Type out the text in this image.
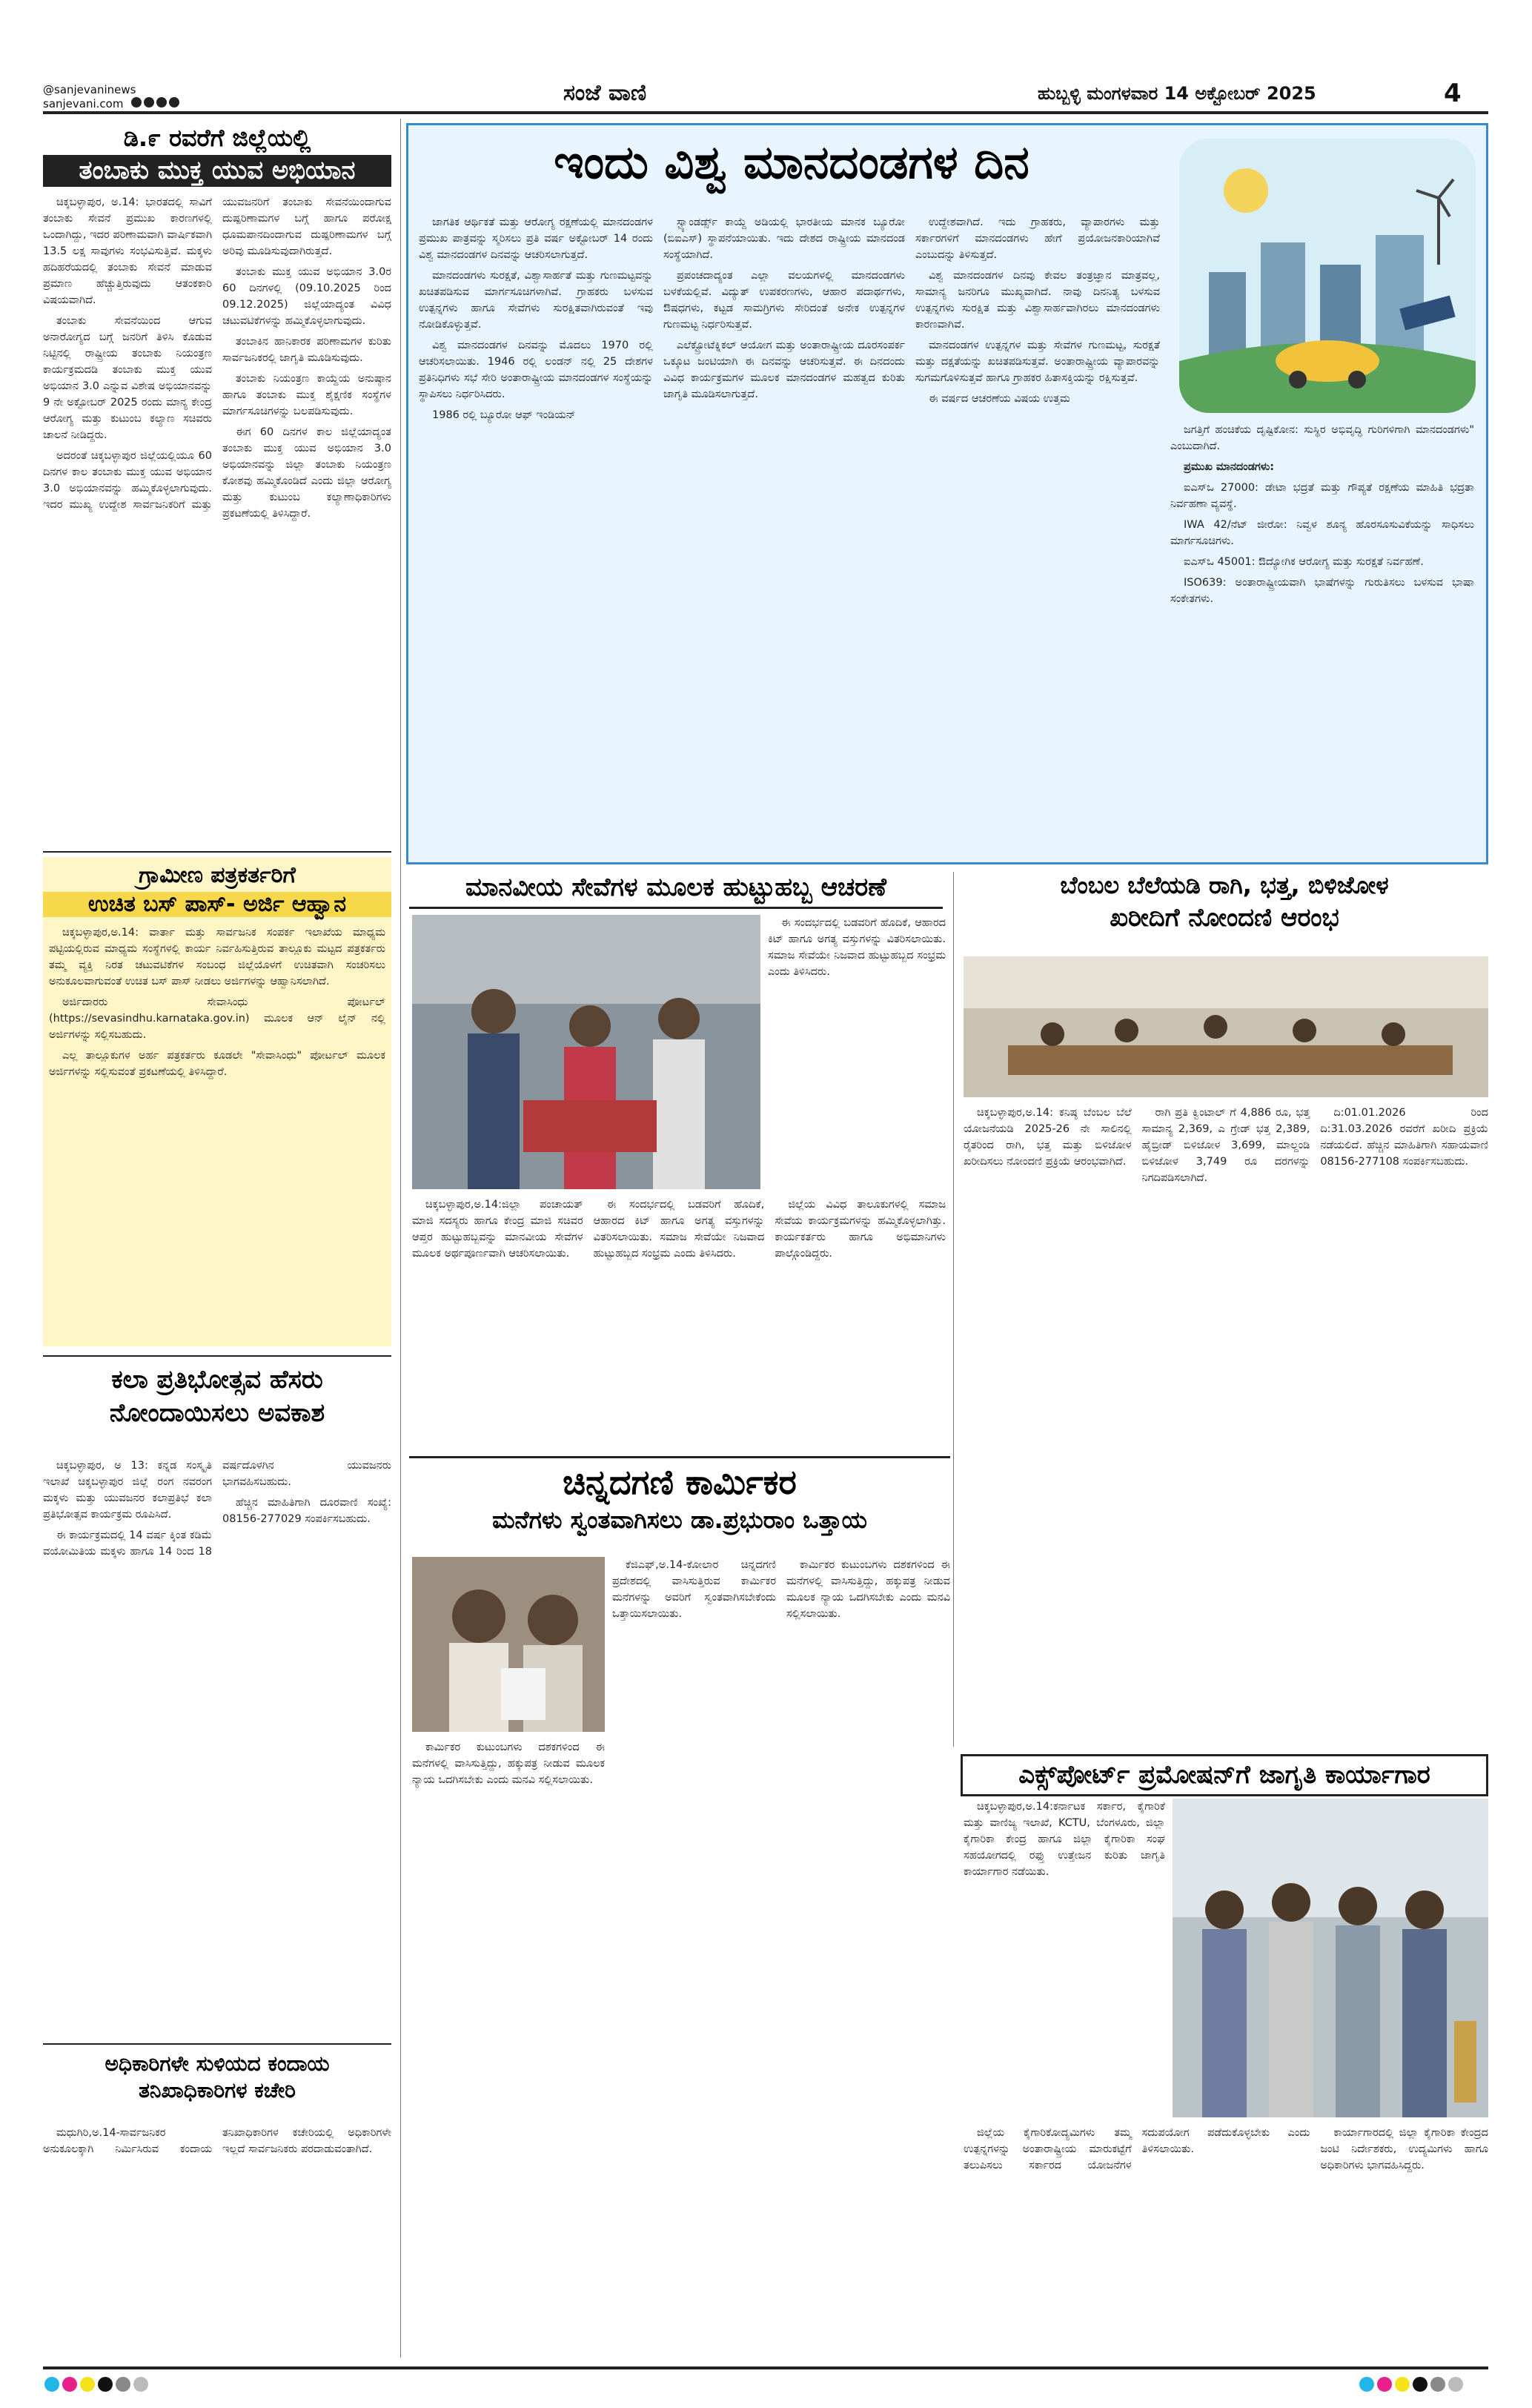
@sanjevaninews
sanjevani.com	ಸಂಜೆ ವಾಣಿ	ಹುಬ್ಬಳ್ಳಿ ಮಂಗಳವಾರ 14 ಅಕ್ಟೋಬರ್ 2025	4
ಡಿ.೯ ರವರೆಗೆ ಜಿಲ್ಲೆಯಲ್ಲಿ
ತಂಬಾಕು ಮುಕ್ತ ಯುವ ಅಭಿಯಾನ

ಚಿಕ್ಕಬಳ್ಳಾಪುರ, ಅ.14: ಭಾರತದಲ್ಲಿ ಸಾವಿಗೆ ತಂಬಾಕು ಸೇವನೆ ಪ್ರಮುಖ ಕಾರಣಗಳಲ್ಲಿ ಒಂದಾಗಿದ್ದು, ಇದರ ಪರಿಣಾಮವಾಗಿ ವಾರ್ಷಿಕವಾಗಿ 13.5 ಲಕ್ಷ ಸಾವುಗಳು ಸಂಭವಿಸುತ್ತಿವೆ. ಮಕ್ಕಳು ಹದಿಹರೆಯದಲ್ಲಿ ತಂಬಾಕು ಸೇವನೆ ಮಾಡುವ ಪ್ರಮಾಣ ಹೆಚ್ಚುತ್ತಿರುವುದು ಆತಂಕಕಾರಿ ವಿಷಯವಾಗಿದೆ.

ತಂಬಾಕು ಸೇವನೆಯಿಂದ ಆಗುವ ಅನಾರೋಗ್ಯದ ಬಗ್ಗೆ ಜನರಿಗೆ ತಿಳಿಸಿ ಕೊಡುವ ನಿಟ್ಟಿನಲ್ಲಿ ರಾಷ್ಟ್ರೀಯ ತಂಬಾಕು ನಿಯಂತ್ರಣ ಕಾರ್ಯಕ್ರಮದಡಿ ತಂಬಾಕು ಮುಕ್ತ ಯುವ ಅಭಿಯಾನ 3.0 ಎನ್ನುವ ವಿಶೇಷ ಅಭಿಯಾನವನ್ನು 9 ನೇ ಅಕ್ಟೋಬರ್ 2025 ರಂದು ಮಾನ್ಯ ಕೇಂದ್ರ ಆರೋಗ್ಯ ಮತ್ತು ಕುಟುಂಬ ಕಲ್ಯಾಣ ಸಚಿವರು ಚಾಲನೆ ನೀಡಿದ್ದರು.

ಅದರಂತೆ ಚಿಕ್ಕಬಳ್ಳಾಪುರ ಜಿಲ್ಲೆಯಲ್ಲಿಯೂ 60 ದಿನಗಳ ಕಾಲ ತಂಬಾಕು ಮುಕ್ತ ಯುವ ಅಭಿಯಾನ 3.0 ಅಭಿಯಾನವನ್ನು ಹಮ್ಮಿಕೊಳ್ಳಲಾಗುವುದು. ಇದರ ಮುಖ್ಯ ಉದ್ದೇಶ ಸಾರ್ವಜನಿಕರಿಗೆ ಮತ್ತು ಯುವಜನರಿಗೆ ತಂಬಾಕು ಸೇವನೆಯಿಂದಾಗುವ ದುಷ್ಪರಿಣಾಮಗಳ ಬಗ್ಗೆ ಹಾಗೂ ಪರೋಕ್ಷ ಧೂಮಪಾನದಿಂದಾಗುವ ದುಷ್ಪರಿಣಾಮಗಳ ಬಗ್ಗೆ ಅರಿವು ಮೂಡಿಸುವುದಾಗಿರುತ್ತದೆ.

ತಂಬಾಕು ಮುಕ್ತ ಯುವ ಅಭಿಯಾನ 3.0ರ 60 ದಿನಗಳಲ್ಲಿ (09.10.2025 ರಿಂದ 09.12.2025) ಜಿಲ್ಲೆಯಾದ್ಯಂತ ವಿವಿಧ ಚಟುವಟಿಕೆಗಳನ್ನು ಹಮ್ಮಿಕೊಳ್ಳಲಾಗುವುದು.

ತಂಬಾಕಿನ ಹಾನಿಕಾರಕ ಪರಿಣಾಮಗಳ ಕುರಿತು ಸಾರ್ವಜನಿಕರಲ್ಲಿ ಜಾಗೃತಿ ಮೂಡಿಸುವುದು.

ತಂಬಾಕು ನಿಯಂತ್ರಣ ಕಾಯ್ದೆಯ ಅನುಷ್ಠಾನ ಹಾಗೂ ತಂಬಾಕು ಮುಕ್ತ ಶೈಕ್ಷಣಿಕ ಸಂಸ್ಥೆಗಳ ಮಾರ್ಗಸೂಚಿಗಳನ್ನು ಬಲಪಡಿಸುವುದು.

ಈಗ 60 ದಿನಗಳ ಕಾಲ ಜಿಲ್ಲೆಯಾದ್ಯಂತ ತಂಬಾಕು ಮುಕ್ತ ಯುವ ಅಭಿಯಾನ 3.0 ಅಭಿಯಾನವನ್ನು ಜಿಲ್ಲಾ ತಂಬಾಕು ನಿಯಂತ್ರಣ ಕೋಶವು ಹಮ್ಮಿಕೊಂಡಿದೆ ಎಂದು ಜಿಲ್ಲಾ ಆರೋಗ್ಯ ಮತ್ತು ಕುಟುಂಬ ಕಲ್ಯಾಣಾಧಿಕಾರಿಗಳು ಪ್ರಕಟಣೆಯಲ್ಲಿ ತಿಳಿಸಿದ್ದಾರೆ.

ಗ್ರಾಮೀಣ ಪತ್ರಕರ್ತರಿಗೆ
ಉಚಿತ ಬಸ್ ಪಾಸ್- ಅರ್ಜಿ ಆಹ್ವಾನ

ಚಿಕ್ಕಬಳ್ಳಾಪುರ,ಅ.14: ವಾರ್ತಾ ಮತ್ತು ಸಾರ್ವಜನಿಕ ಸಂಪರ್ಕ ಇಲಾಖೆಯ ಮಾಧ್ಯಮ ಪಟ್ಟಿಯಲ್ಲಿರುವ ಮಾಧ್ಯಮ ಸಂಸ್ಥೆಗಳಲ್ಲಿ ಕಾರ್ಯ ನಿರ್ವಹಿಸುತ್ತಿರುವ ತಾಲ್ಲೂಕು ಮಟ್ಟದ ಪತ್ರಕರ್ತರು ತಮ್ಮ ವ್ಯಕ್ತಿ ನಿರತ ಚಟುವಟಿಕೆಗಳ ಸಂಬಂಧ ಜಿಲ್ಲೆಯೊಳಗೆ ಉಚಿತವಾಗಿ ಸಂಚರಿಸಲು ಅನುಕೂಲವಾಗುವಂತೆ ಉಚಿತ ಬಸ್ ಪಾಸ್ ನೀಡಲು ಅರ್ಜಿಗಳನ್ನು ಆಹ್ವಾನಿಸಲಾಗಿದೆ.

ಅರ್ಜಿದಾರರು ಸೇವಾಸಿಂಧು ಪೋರ್ಟಲ್ (https://sevasindhu.karnataka.gov.in) ಮೂಲಕ ಆನ್ ಲೈನ್ ನಲ್ಲಿ ಅರ್ಜಿಗಳನ್ನು ಸಲ್ಲಿಸಬಹುದು.

ಎಲ್ಲ ತಾಲ್ಲೂಕುಗಳ ಅರ್ಹ ಪತ್ರಕರ್ತರು ಕೂಡಲೇ "ಸೇವಾಸಿಂಧು" ಪೋರ್ಟಲ್ ಮೂಲಕ ಅರ್ಜಿಗಳನ್ನು ಸಲ್ಲಿಸುವಂತೆ ಪ್ರಕಟಣೆಯಲ್ಲಿ ತಿಳಿಸಿದ್ದಾರೆ.

ಕಲಾ ಪ್ರತಿಭೋತ್ಸವ ಹೆಸರು
ನೋಂದಾಯಿಸಲು ಅವಕಾಶ

ಚಿಕ್ಕಬಳ್ಳಾಪುರ, ಅ 13: ಕನ್ನಡ ಸಂಸ್ಕೃತಿ ಇಲಾಖೆ ಚಿಕ್ಕಬಳ್ಳಾಪುರ ಜಿಲ್ಲೆ ರಂಗ ನವರಂಗ ಮಕ್ಕಳು ಮತ್ತು ಯುವಜನರ ಕಲಾಪ್ರತಿಭೆ ಕಲಾ ಪ್ರತಿಭೋತ್ಸವ ಕಾರ್ಯಕ್ರಮ ರೂಪಿಸಿದೆ.

ಈ ಕಾರ್ಯಕ್ರಮದಲ್ಲಿ 14 ವರ್ಷ ಕ್ಕಿಂತ ಕಡಿಮೆ ವಯೋಮಿತಿಯ ಮಕ್ಕಳು ಹಾಗೂ 14 ರಿಂದ 18 ವರ್ಷದೊಳಗಿನ ಯುವಜನರು ಭಾಗವಹಿಸಬಹುದು.

ಹೆಚ್ಚಿನ ಮಾಹಿತಿಗಾಗಿ ದೂರವಾಣಿ ಸಂಖ್ಯೆ: 08156-277029 ಸಂಪರ್ಕಿಸಬಹುದು.

ಅಧಿಕಾರಿಗಳೇ ಸುಳಿಯದ ಕಂದಾಯ
ತನಿಖಾಧಿಕಾರಿಗಳ ಕಚೇರಿ

ಮಧುಗಿರಿ,ಅ.14-ಸಾರ್ವಜನಿಕರ ಅನುಕೂಲಕ್ಕಾಗಿ ನಿರ್ಮಿಸಿರುವ ಕಂದಾಯ ತನಿಖಾಧಿಕಾರಿಗಳ ಕಚೇರಿಯಲ್ಲಿ ಅಧಿಕಾರಿಗಳೇ ಇಲ್ಲದೆ ಸಾರ್ವಜನಿಕರು ಪರದಾಡುವಂತಾಗಿದೆ.

ಇಂದು ವಿಶ್ವ ಮಾನದಂಡಗಳ ದಿನ

ಜಾಗತಿಕ ಆರ್ಥಿಕತೆ ಮತ್ತು ಆರೋಗ್ಯ ರಕ್ಷಣೆಯಲ್ಲಿ ಮಾನದಂಡಗಳ ಪ್ರಮುಖ ಪಾತ್ರವನ್ನು ಸ್ಮರಿಸಲು ಪ್ರತಿ ವರ್ಷ ಅಕ್ಟೋಬರ್ 14 ರಂದು ವಿಶ್ವ ಮಾನದಂಡಗಳ ದಿನವನ್ನು ಆಚರಿಸಲಾಗುತ್ತದೆ.

ಮಾನದಂಡಗಳು ಸುರಕ್ಷತೆ, ವಿಶ್ವಾಸಾರ್ಹತೆ ಮತ್ತು ಗುಣಮಟ್ಟವನ್ನು ಖಚಿತಪಡಿಸುವ ಮಾರ್ಗಸೂಚಿಗಳಾಗಿವೆ. ಗ್ರಾಹಕರು ಬಳಸುವ ಉತ್ಪನ್ನಗಳು ಹಾಗೂ ಸೇವೆಗಳು ಸುರಕ್ಷಿತವಾಗಿರುವಂತೆ ಇವು ನೋಡಿಕೊಳ್ಳುತ್ತವೆ.

ವಿಶ್ವ ಮಾನದಂಡಗಳ ದಿನವನ್ನು ಮೊದಲು 1970 ರಲ್ಲಿ ಆಚರಿಸಲಾಯಿತು. 1946 ರಲ್ಲಿ ಲಂಡನ್ ನಲ್ಲಿ 25 ದೇಶಗಳ ಪ್ರತಿನಿಧಿಗಳು ಸಭೆ ಸೇರಿ ಅಂತಾರಾಷ್ಟ್ರೀಯ ಮಾನದಂಡಗಳ ಸಂಸ್ಥೆಯನ್ನು ಸ್ಥಾಪಿಸಲು ನಿರ್ಧರಿಸಿದರು.

1986 ರಲ್ಲಿ ಬ್ಯೂರೋ ಆಫ್ ಇಂಡಿಯನ್

ಸ್ಟ್ಯಾಂಡರ್ಡ್ಸ್ ಕಾಯ್ದೆ ಅಡಿಯಲ್ಲಿ ಭಾರತೀಯ ಮಾನಕ ಬ್ಯೂರೋ (ಬಿಐಎಸ್) ಸ್ಥಾಪನೆಯಾಯಿತು. ಇದು ದೇಶದ ರಾಷ್ಟ್ರೀಯ ಮಾನದಂಡ ಸಂಸ್ಥೆಯಾಗಿದೆ.

ಪ್ರಪಂಚದಾದ್ಯಂತ ಎಲ್ಲಾ ವಲಯಗಳಲ್ಲಿ ಮಾನದಂಡಗಳು ಬಳಕೆಯಲ್ಲಿವೆ. ವಿದ್ಯುತ್ ಉಪಕರಣಗಳು, ಆಹಾರ ಪದಾರ್ಥಗಳು, ಔಷಧಗಳು, ಕಟ್ಟಡ ಸಾಮಗ್ರಿಗಳು ಸೇರಿದಂತೆ ಅನೇಕ ಉತ್ಪನ್ನಗಳ ಗುಣಮಟ್ಟ ನಿರ್ಧರಿಸುತ್ತವೆ.

ಎಲೆಕ್ಟ್ರೋಟೆಕ್ನಿಕಲ್ ಆಯೋಗ ಮತ್ತು ಅಂತಾರಾಷ್ಟ್ರೀಯ ದೂರಸಂಪರ್ಕ ಒಕ್ಕೂಟ ಜಂಟಿಯಾಗಿ ಈ ದಿನವನ್ನು ಆಚರಿಸುತ್ತವೆ. ಈ ದಿನದಂದು ವಿವಿಧ ಕಾರ್ಯಕ್ರಮಗಳ ಮೂಲಕ ಮಾನದಂಡಗಳ ಮಹತ್ವದ ಕುರಿತು ಜಾಗೃತಿ ಮೂಡಿಸಲಾಗುತ್ತದೆ.

ಉದ್ದೇಶವಾಗಿದೆ. ಇದು ಗ್ರಾಹಕರು, ವ್ಯಾಪಾರಗಳು ಮತ್ತು ಸರ್ಕಾರಗಳಿಗೆ ಮಾನದಂಡಗಳು ಹೇಗೆ ಪ್ರಯೋಜನಕಾರಿಯಾಗಿವೆ ಎಂಬುದನ್ನು ತಿಳಿಸುತ್ತದೆ.

ವಿಶ್ವ ಮಾನದಂಡಗಳ ದಿನವು ಕೇವಲ ತಂತ್ರಜ್ಞಾನ ಮಾತ್ರವಲ್ಲ, ಸಾಮಾನ್ಯ ಜನರಿಗೂ ಮುಖ್ಯವಾಗಿದೆ. ನಾವು ದಿನನಿತ್ಯ ಬಳಸುವ ಉತ್ಪನ್ನಗಳು ಸುರಕ್ಷಿತ ಮತ್ತು ವಿಶ್ವಾಸಾರ್ಹವಾಗಿರಲು ಮಾನದಂಡಗಳು ಕಾರಣವಾಗಿವೆ.

ಮಾನದಂಡಗಳ ಉತ್ಪನ್ನಗಳ ಮತ್ತು ಸೇವೆಗಳ ಗುಣಮಟ್ಟ, ಸುರಕ್ಷತೆ ಮತ್ತು ದಕ್ಷತೆಯನ್ನು ಖಚಿತಪಡಿಸುತ್ತವೆ. ಅಂತಾರಾಷ್ಟ್ರೀಯ ವ್ಯಾಪಾರವನ್ನು ಸುಗಮಗೊಳಿಸುತ್ತವೆ ಹಾಗೂ ಗ್ರಾಹಕರ ಹಿತಾಸಕ್ತಿಯನ್ನು ರಕ್ಷಿಸುತ್ತವೆ.

ಈ ವರ್ಷದ ಆಚರಣೆಯ ವಿಷಯ ಉತ್ತಮ

ಜಗತ್ತಿಗೆ ಹಂಚಿಕೆಯ ದೃಷ್ಟಿಕೋನ: ಸುಸ್ಥಿರ ಅಭಿವೃದ್ಧಿ ಗುರಿಗಳಿಗಾಗಿ ಮಾನದಂಡಗಳು" ಎಂಬುದಾಗಿದೆ.

ಪ್ರಮುಖ ಮಾನದಂಡಗಳು:

ಐಎಸ್ಒ 27000: ಡೇಟಾ ಭದ್ರತೆ ಮತ್ತು ಗೌಪ್ಯತೆ ರಕ್ಷಣೆಯ ಮಾಹಿತಿ ಭದ್ರತಾ ನಿರ್ವಹಣಾ ವ್ಯವಸ್ಥೆ.

IWA 42/ನೆಟ್ ಜೀರೋ: ನಿವ್ವಳ ಶೂನ್ಯ ಹೊರಸೂಸುವಿಕೆಯನ್ನು ಸಾಧಿಸಲು ಮಾರ್ಗಸೂಚಿಗಳು.

ಐಎಸ್ಒ 45001: ಔದ್ಯೋಗಿಕ ಆರೋಗ್ಯ ಮತ್ತು ಸುರಕ್ಷತೆ ನಿರ್ವಹಣೆ.

ISO639: ಅಂತಾರಾಷ್ಟ್ರೀಯವಾಗಿ ಭಾಷೆಗಳನ್ನು ಗುರುತಿಸಲು ಬಳಸುವ ಭಾಷಾ ಸಂಕೇತಗಳು.

ಮಾನವೀಯ ಸೇವೆಗಳ ಮೂಲಕ ಹುಟ್ಟುಹಬ್ಬ ಆಚರಣೆ

ಚಿಕ್ಕಬಳ್ಳಾಪುರ,ಅ.14:ಜಿಲ್ಲಾ ಪಂಚಾಯತ್ ಮಾಜಿ ಸದಸ್ಯರು ಹಾಗೂ ಕೇಂದ್ರ ಮಾಜಿ ಸಚಿವರ ಆಪ್ತರ ಹುಟ್ಟುಹಬ್ಬವನ್ನು ಮಾನವೀಯ ಸೇವೆಗಳ ಮೂಲಕ ಅರ್ಥಪೂರ್ಣವಾಗಿ ಆಚರಿಸಲಾಯಿತು.

ಈ ಸಂದರ್ಭದಲ್ಲಿ ಬಡವರಿಗೆ ಹೊದಿಕೆ, ಆಹಾರದ ಕಿಟ್ ಹಾಗೂ ಅಗತ್ಯ ವಸ್ತುಗಳನ್ನು ವಿತರಿಸಲಾಯಿತು. ಸಮಾಜ ಸೇವೆಯೇ ನಿಜವಾದ ಹುಟ್ಟುಹಬ್ಬದ ಸಂಭ್ರಮ ಎಂದು ತಿಳಿಸಿದರು.

ಜಿಲ್ಲೆಯ ವಿವಿಧ ತಾಲೂಕುಗಳಲ್ಲಿ ಸಮಾಜ ಸೇವೆಯ ಕಾರ್ಯಕ್ರಮಗಳನ್ನು ಹಮ್ಮಿಕೊಳ್ಳಲಾಗಿತ್ತು. ಕಾರ್ಯಕರ್ತರು ಹಾಗೂ ಅಭಿಮಾನಿಗಳು ಪಾಲ್ಗೊಂಡಿದ್ದರು.

ಈ ಸಂದರ್ಭದಲ್ಲಿ ಬಡವರಿಗೆ ಹೊದಿಕೆ, ಆಹಾರದ ಕಿಟ್ ಹಾಗೂ ಅಗತ್ಯ ವಸ್ತುಗಳನ್ನು ವಿತರಿಸಲಾಯಿತು. ಸಮಾಜ ಸೇವೆಯೇ ನಿಜವಾದ ಹುಟ್ಟುಹಬ್ಬದ ಸಂಭ್ರಮ ಎಂದು ತಿಳಿಸಿದರು.

ಬೆಂಬಲ ಬೆಲೆಯಡಿ ರಾಗಿ, ಭತ್ತ, ಬಿಳಿಜೋಳ
ಖರೀದಿಗೆ ನೋಂದಣಿ ಆರಂಭ

ಚಿಕ್ಕಬಳ್ಳಾಪುರ,ಅ.14: ಕನಿಷ್ಠ ಬೆಂಬಲ ಬೆಲೆ ಯೋಜನೆಯಡಿ 2025-26 ನೇ ಸಾಲಿನಲ್ಲಿ ರೈತರಿಂದ ರಾಗಿ, ಭತ್ತ ಮತ್ತು ಬಿಳಿಜೋಳ ಖರೀದಿಸಲು ನೋಂದಣಿ ಪ್ರಕ್ರಿಯೆ ಆರಂಭವಾಗಿದೆ.

ರಾಗಿ ಪ್ರತಿ ಕ್ವಿಂಟಾಲ್ ಗೆ 4,886 ರೂ, ಭತ್ತ ಸಾಮಾನ್ಯ 2,369, ಎ ಗ್ರೇಡ್ ಭತ್ತ 2,389, ಹೈಬ್ರೀಡ್ ಬಿಳಿಜೋಳ 3,699, ಮಾಲ್ದಂಡಿ ಬಿಳಿಜೋಳ 3,749 ರೂ ದರಗಳನ್ನು ನಿಗದಿಪಡಿಸಲಾಗಿದೆ.

ದಿ:01.01.2026 ರಿಂದ ದಿ:31.03.2026 ರವರೆಗೆ ಖರೀದಿ ಪ್ರಕ್ರಿಯೆ ನಡೆಯಲಿದೆ. ಹೆಚ್ಚಿನ ಮಾಹಿತಿಗಾಗಿ ಸಹಾಯವಾಣಿ 08156-277108 ಸಂಪರ್ಕಿಸಬಹುದು.

ಚಿನ್ನದಗಣಿ ಕಾರ್ಮಿಕರ
ಮನೆಗಳು ಸ್ವಂತವಾಗಿಸಲು ಡಾ.ಪ್ರಭುರಾಂ ಒತ್ತಾಯ

ಕೆಜಿಎಫ್,ಅ.14-ಕೋಲಾರ ಚಿನ್ನದಗಣಿ ಪ್ರದೇಶದಲ್ಲಿ ವಾಸಿಸುತ್ತಿರುವ ಕಾರ್ಮಿಕರ ಮನೆಗಳನ್ನು ಅವರಿಗೆ ಸ್ವಂತವಾಗಿಸಬೇಕೆಂದು ಒತ್ತಾಯಿಸಲಾಯಿತು.

ಕಾರ್ಮಿಕರ ಕುಟುಂಬಗಳು ದಶಕಗಳಿಂದ ಈ ಮನೆಗಳಲ್ಲಿ ವಾಸಿಸುತ್ತಿದ್ದು, ಹಕ್ಕುಪತ್ರ ನೀಡುವ ಮೂಲಕ ನ್ಯಾಯ ಒದಗಿಸಬೇಕು ಎಂದು ಮನವಿ ಸಲ್ಲಿಸಲಾಯಿತು.

ಕಾರ್ಮಿಕರ ಕುಟುಂಬಗಳು ದಶಕಗಳಿಂದ ಈ ಮನೆಗಳಲ್ಲಿ ವಾಸಿಸುತ್ತಿದ್ದು, ಹಕ್ಕುಪತ್ರ ನೀಡುವ ಮೂಲಕ ನ್ಯಾಯ ಒದಗಿಸಬೇಕು ಎಂದು ಮನವಿ ಸಲ್ಲಿಸಲಾಯಿತು.	ಎಕ್ಸ್‌ಪೋರ್ಟ್ ಪ್ರಮೋಷನ್‌ಗೆ ಜಾಗೃತಿ ಕಾರ್ಯಾಗಾರ

ಚಿಕ್ಕಬಳ್ಳಾಪುರ,ಅ.14:ಕರ್ನಾಟಕ ಸರ್ಕಾರ, ಕೈಗಾರಿಕೆ ಮತ್ತು ವಾಣಿಜ್ಯ ಇಲಾಖೆ, KCTU, ಬೆಂಗಳೂರು, ಜಿಲ್ಲಾ ಕೈಗಾರಿಕಾ ಕೇಂದ್ರ ಹಾಗೂ ಜಿಲ್ಲಾ ಕೈಗಾರಿಕಾ ಸಂಘ ಸಹಯೋಗದಲ್ಲಿ ರಫ್ತು ಉತ್ತೇಜನ ಕುರಿತು ಜಾಗೃತಿ ಕಾರ್ಯಾಗಾರ ನಡೆಯಿತು.

ಜಿಲ್ಲೆಯ ಕೈಗಾರಿಕೋದ್ಯಮಿಗಳು ತಮ್ಮ ಉತ್ಪನ್ನಗಳನ್ನು ಅಂತಾರಾಷ್ಟ್ರೀಯ ಮಾರುಕಟ್ಟೆಗೆ ತಲುಪಿಸಲು ಸರ್ಕಾರದ ಯೋಜನೆಗಳ ಸದುಪಯೋಗ ಪಡೆದುಕೊಳ್ಳಬೇಕು ಎಂದು ತಿಳಿಸಲಾಯಿತು.

ಕಾರ್ಯಾಗಾರದಲ್ಲಿ ಜಿಲ್ಲಾ ಕೈಗಾರಿಕಾ ಕೇಂದ್ರದ ಜಂಟಿ ನಿರ್ದೇಶಕರು, ಉದ್ಯಮಿಗಳು ಹಾಗೂ ಅಧಿಕಾರಿಗಳು ಭಾಗವಹಿಸಿದ್ದರು.
